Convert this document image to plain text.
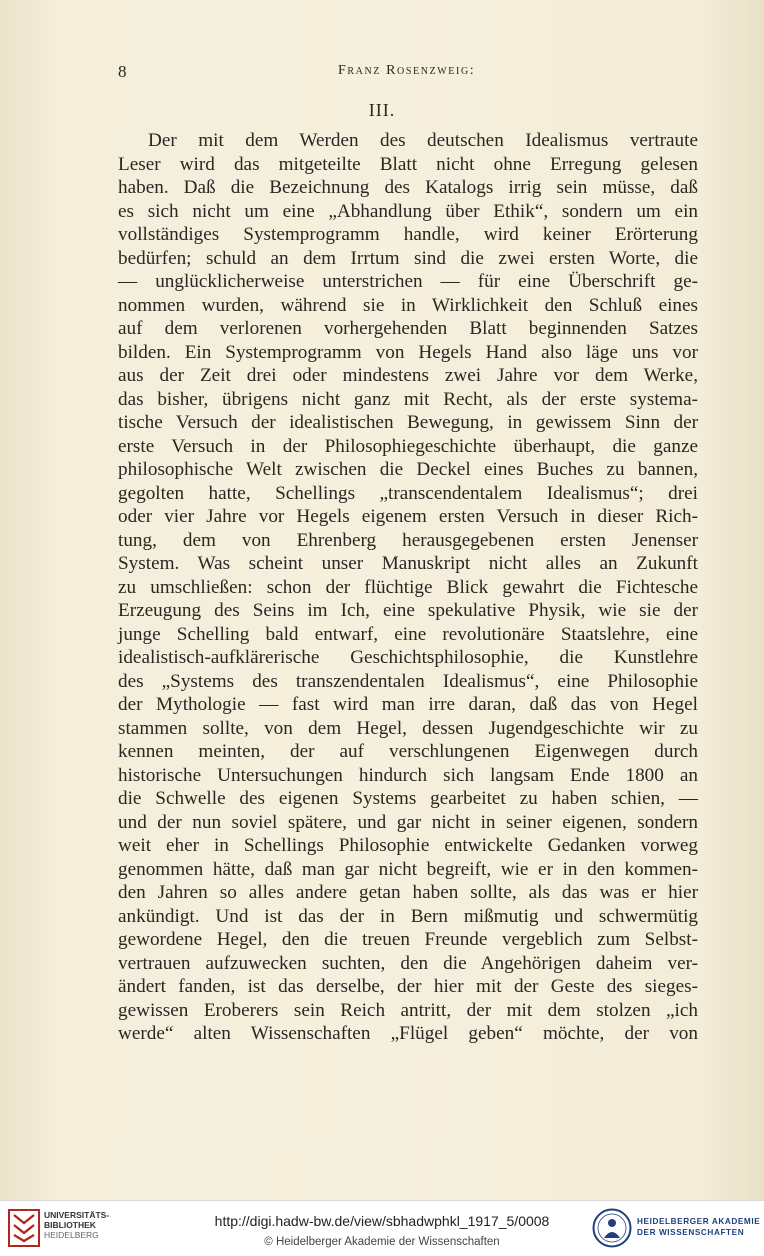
8	Franz Rosenzweig:
III.
Der mit dem Werden des deutschen Idealismus vertraute
Leser wird das mitgeteilte Blatt nicht ohne Erregung gelesen
haben. Daß die Bezeichnung des Katalogs irrig sein müsse, daß
es sich nicht um eine „Abhandlung über Ethik“, sondern um ein
vollständiges Systemprogramm handle, wird keiner Erörterung
bedürfen; schuld an dem Irrtum sind die zwei ersten Worte, die
— unglücklicherweise unterstrichen — für eine Überschrift ge-
nommen wurden, während sie in Wirklichkeit den Schluß eines
auf dem verlorenen vorhergehenden Blatt beginnenden Satzes
bilden. Ein Systemprogramm von Hegels Hand also läge uns vor
aus der Zeit drei oder mindestens zwei Jahre vor dem Werke,
das bisher, übrigens nicht ganz mit Recht, als der erste systema-
tische Versuch der idealistischen Bewegung, in gewissem Sinn der
erste Versuch in der Philosophiegeschichte überhaupt, die ganze
philosophische Welt zwischen die Deckel eines Buches zu bannen,
gegolten hatte, Schellings „transcendentalem Idealismus“; drei
oder vier Jahre vor Hegels eigenem ersten Versuch in dieser Rich-
tung, dem von Ehrenberg herausgegebenen ersten Jenenser
System. Was scheint unser Manuskript nicht alles an Zukunft
zu umschließen: schon der flüchtige Blick gewahrt die Fichtesche
Erzeugung des Seins im Ich, eine spekulative Physik, wie sie der
junge Schelling bald entwarf, eine revolutionäre Staatslehre, eine
idealistisch-aufklärerische Geschichtsphilosophie, die Kunstlehre
des „Systems des transzendentalen Idealismus“, eine Philosophie
der Mythologie — fast wird man irre daran, daß das von Hegel
stammen sollte, von dem Hegel, dessen Jugendgeschichte wir zu
kennen meinten, der auf verschlungenen Eigenwegen durch
historische Untersuchungen hindurch sich langsam Ende 1800 an
die Schwelle des eigenen Systems gearbeitet zu haben schien, —
und der nun soviel spätere, und gar nicht in seiner eigenen, sondern
weit eher in Schellings Philosophie entwickelte Gedanken vorweg
genommen hätte, daß man gar nicht begreift, wie er in den kommen-
den Jahren so alles andere getan haben sollte, als das was er hier
ankündigt. Und ist das der in Bern mißmutig und schwermütig
gewordene Hegel, den die treuen Freunde vergeblich zum Selbst-
vertrauen aufzuwecken suchten, den die Angehörigen daheim ver-
ändert fanden, ist das derselbe, der hier mit der Geste des sieges-
gewissen Eroberers sein Reich antritt, der mit dem stolzen „ich
werde“ alten Wissenschaften „Flügel geben“ möchte, der von
UNIVERSITÄTS-
BIBLIOTHEK
HEIDELBERG
http://digi.hadw-bw.de/view/sbhadwphkl_1917_5/0008
© Heidelberger Akademie der Wissenschaften
HEIDELBERGER AKADEMIE
DER WISSENSCHAFTEN
